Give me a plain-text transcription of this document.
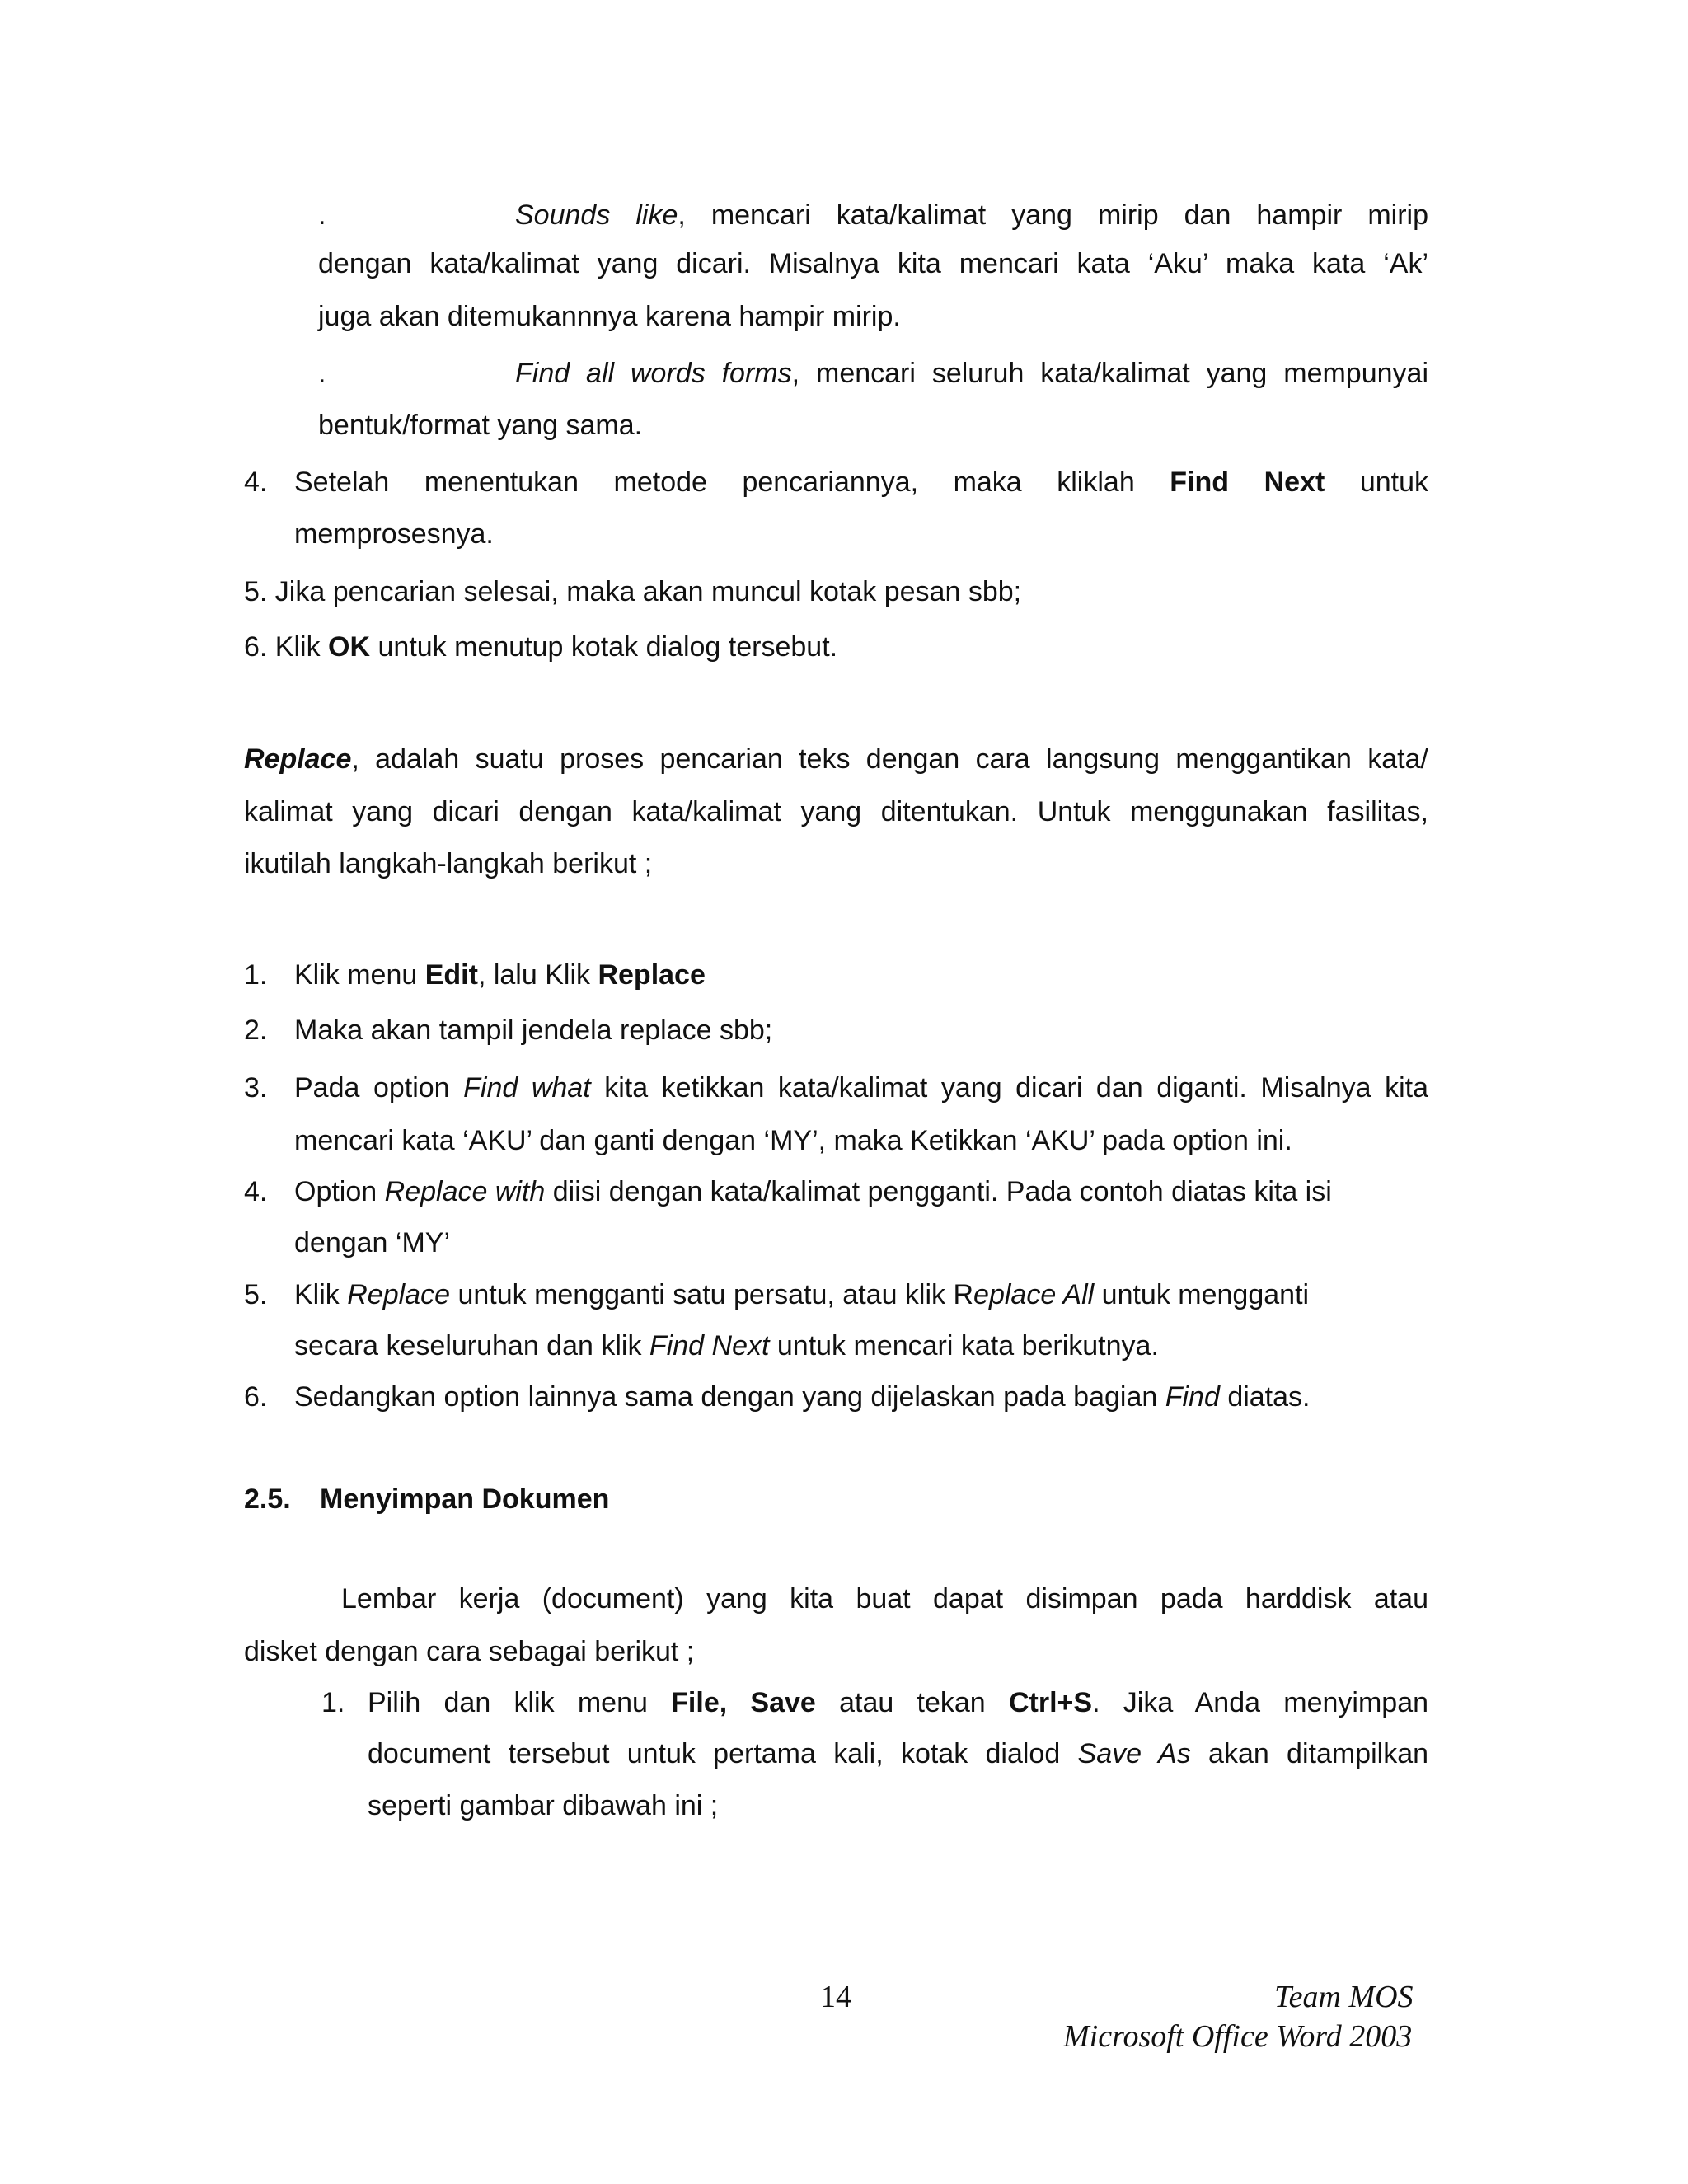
.	Sounds like, mencari kata/kalimat yang mirip dan hampir mirip
dengan kata/kalimat yang dicari. Misalnya kita mencari kata ‘Aku’ maka kata ‘Ak’
juga akan ditemukannnya karena hampir mirip.
.	Find all words forms, mencari seluruh kata/kalimat yang mempunyai
bentuk/format yang sama.
4. Setelah menentukan metode pencariannya, maka kliklah Find Next untuk
memprosesnya.
5. Jika pencarian selesai, maka akan muncul kotak pesan sbb;
6. Klik OK untuk menutup kotak dialog tersebut.
Replace, adalah suatu proses pencarian teks dengan cara langsung menggantikan kata/
kalimat yang dicari dengan kata/kalimat yang ditentukan. Untuk menggunakan fasilitas,
ikutilah langkah-langkah berikut ;
1. Klik menu Edit, lalu Klik Replace
2. Maka akan tampil jendela replace sbb;
3. Pada option Find what kita ketikkan kata/kalimat yang dicari dan diganti. Misalnya kita
mencari kata ‘AKU’ dan ganti dengan ‘MY’, maka Ketikkan ‘AKU’ pada option ini.
4. Option Replace with diisi dengan kata/kalimat pengganti. Pada contoh diatas kita isi
dengan ‘MY’
5. Klik Replace untuk mengganti satu persatu, atau klik Replace All untuk mengganti
secara keseluruhan dan klik Find Next untuk mencari kata berikutnya.
6. Sedangkan option lainnya sama dengan yang dijelaskan pada bagian Find diatas.
2.5. Menyimpan Dokumen
Lembar kerja (document) yang kita buat dapat disimpan pada harddisk atau
disket dengan cara sebagai berikut ;
1. Pilih dan klik menu File, Save atau tekan Ctrl+S. Jika Anda menyimpan
document tersebut untuk pertama kali, kotak dialod Save As akan ditampilkan
seperti gambar dibawah ini ;
14	Team MOS
Microsoft Office Word 2003
